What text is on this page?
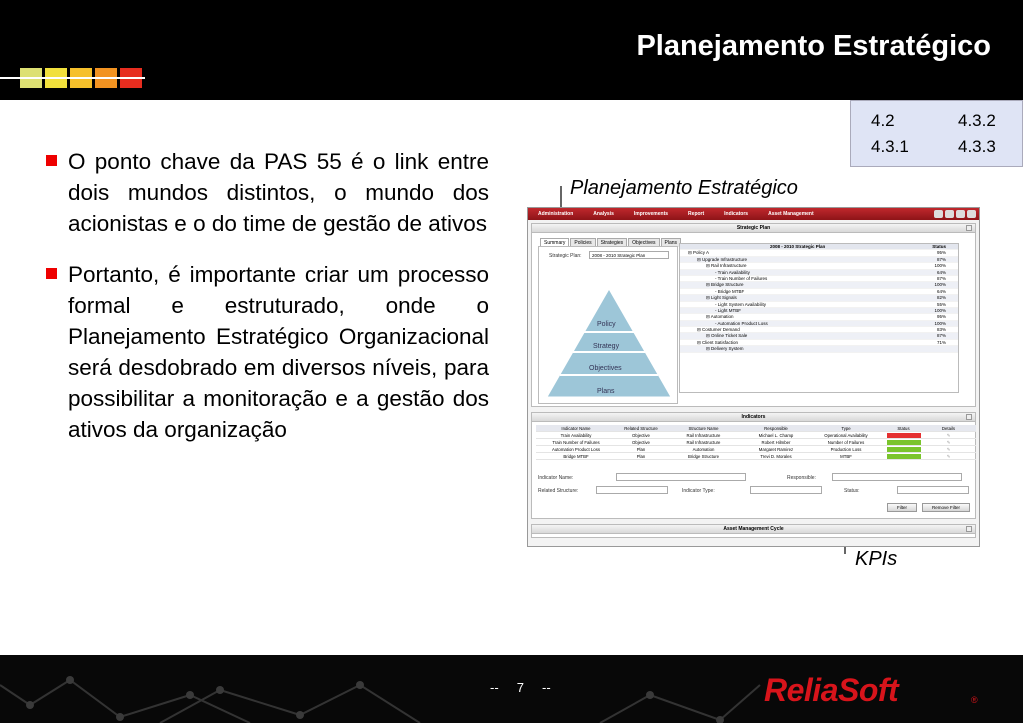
Planejamento Estratégico
4.2	4.3.2
4.3.1	4.3.3
O ponto chave da PAS 55 é o link entre dois mundos distintos, o mundo dos acionistas e o do time de gestão de ativos
Portanto, é importante criar um processo formal e estruturado, onde o Planejamento Estratégico Organizacional será desdobrado em diversos níveis, para possibilitar a monitoração e a gestão dos ativos da organização
Planejamento Estratégico
KPIs
Administration	Analysis	Improvements	Report	Indicators	Asset Management
Strategic Plan
Summary	Policies	Strategies	Objectives	Plans
Strategic Plan:	2008 - 2010 Strategic Plan
Policy
Strategy
Objectives
Plans
2008 - 2010 Strategic Plan	Status
⊟ Policy A	95%
⊟ Upgrade Infrastructure	87%
⊟ Rail Infrastructure	100%
- Train Availability	64%
- Train Number of Failures	87%
⊟ Bridge Structure	100%
- Bridge MTBF	64%
⊟ Light Signals	82%
- Light System Availability	55%
- Light MTBF	100%
⊟ Automation	95%
- Automation Product Loss	100%
⊟ Costumer Demand	83%
⊟ Online Ticket Sale	87%
⊟ Client Satisfaction	71%
⊟ Delivery System
Indicators
Indicator Name	Related Structure	Structure Name	Responsible	Type	Status	Details
Train Availability	Objective	Rail Infrastructure	Michael L. Champ	Operational Availability	✎
Train Number of Failures	Objective	Rail Infrastructure	Robert Hilmber	Number of Failures	✎
Automation Product Loss	Plan	Automation	Margaret Ramirez	Production Loss	✎
Bridge MTBF	Plan	Bridge Structure	Trevi D. Morales	MTBF	✎
Indicator Name:	Responsible:
Related Structure:	Indicator Type:	Status:
Filter	Remove Filter
Asset Management Cycle
--     7     --	ReliaSoft	®
